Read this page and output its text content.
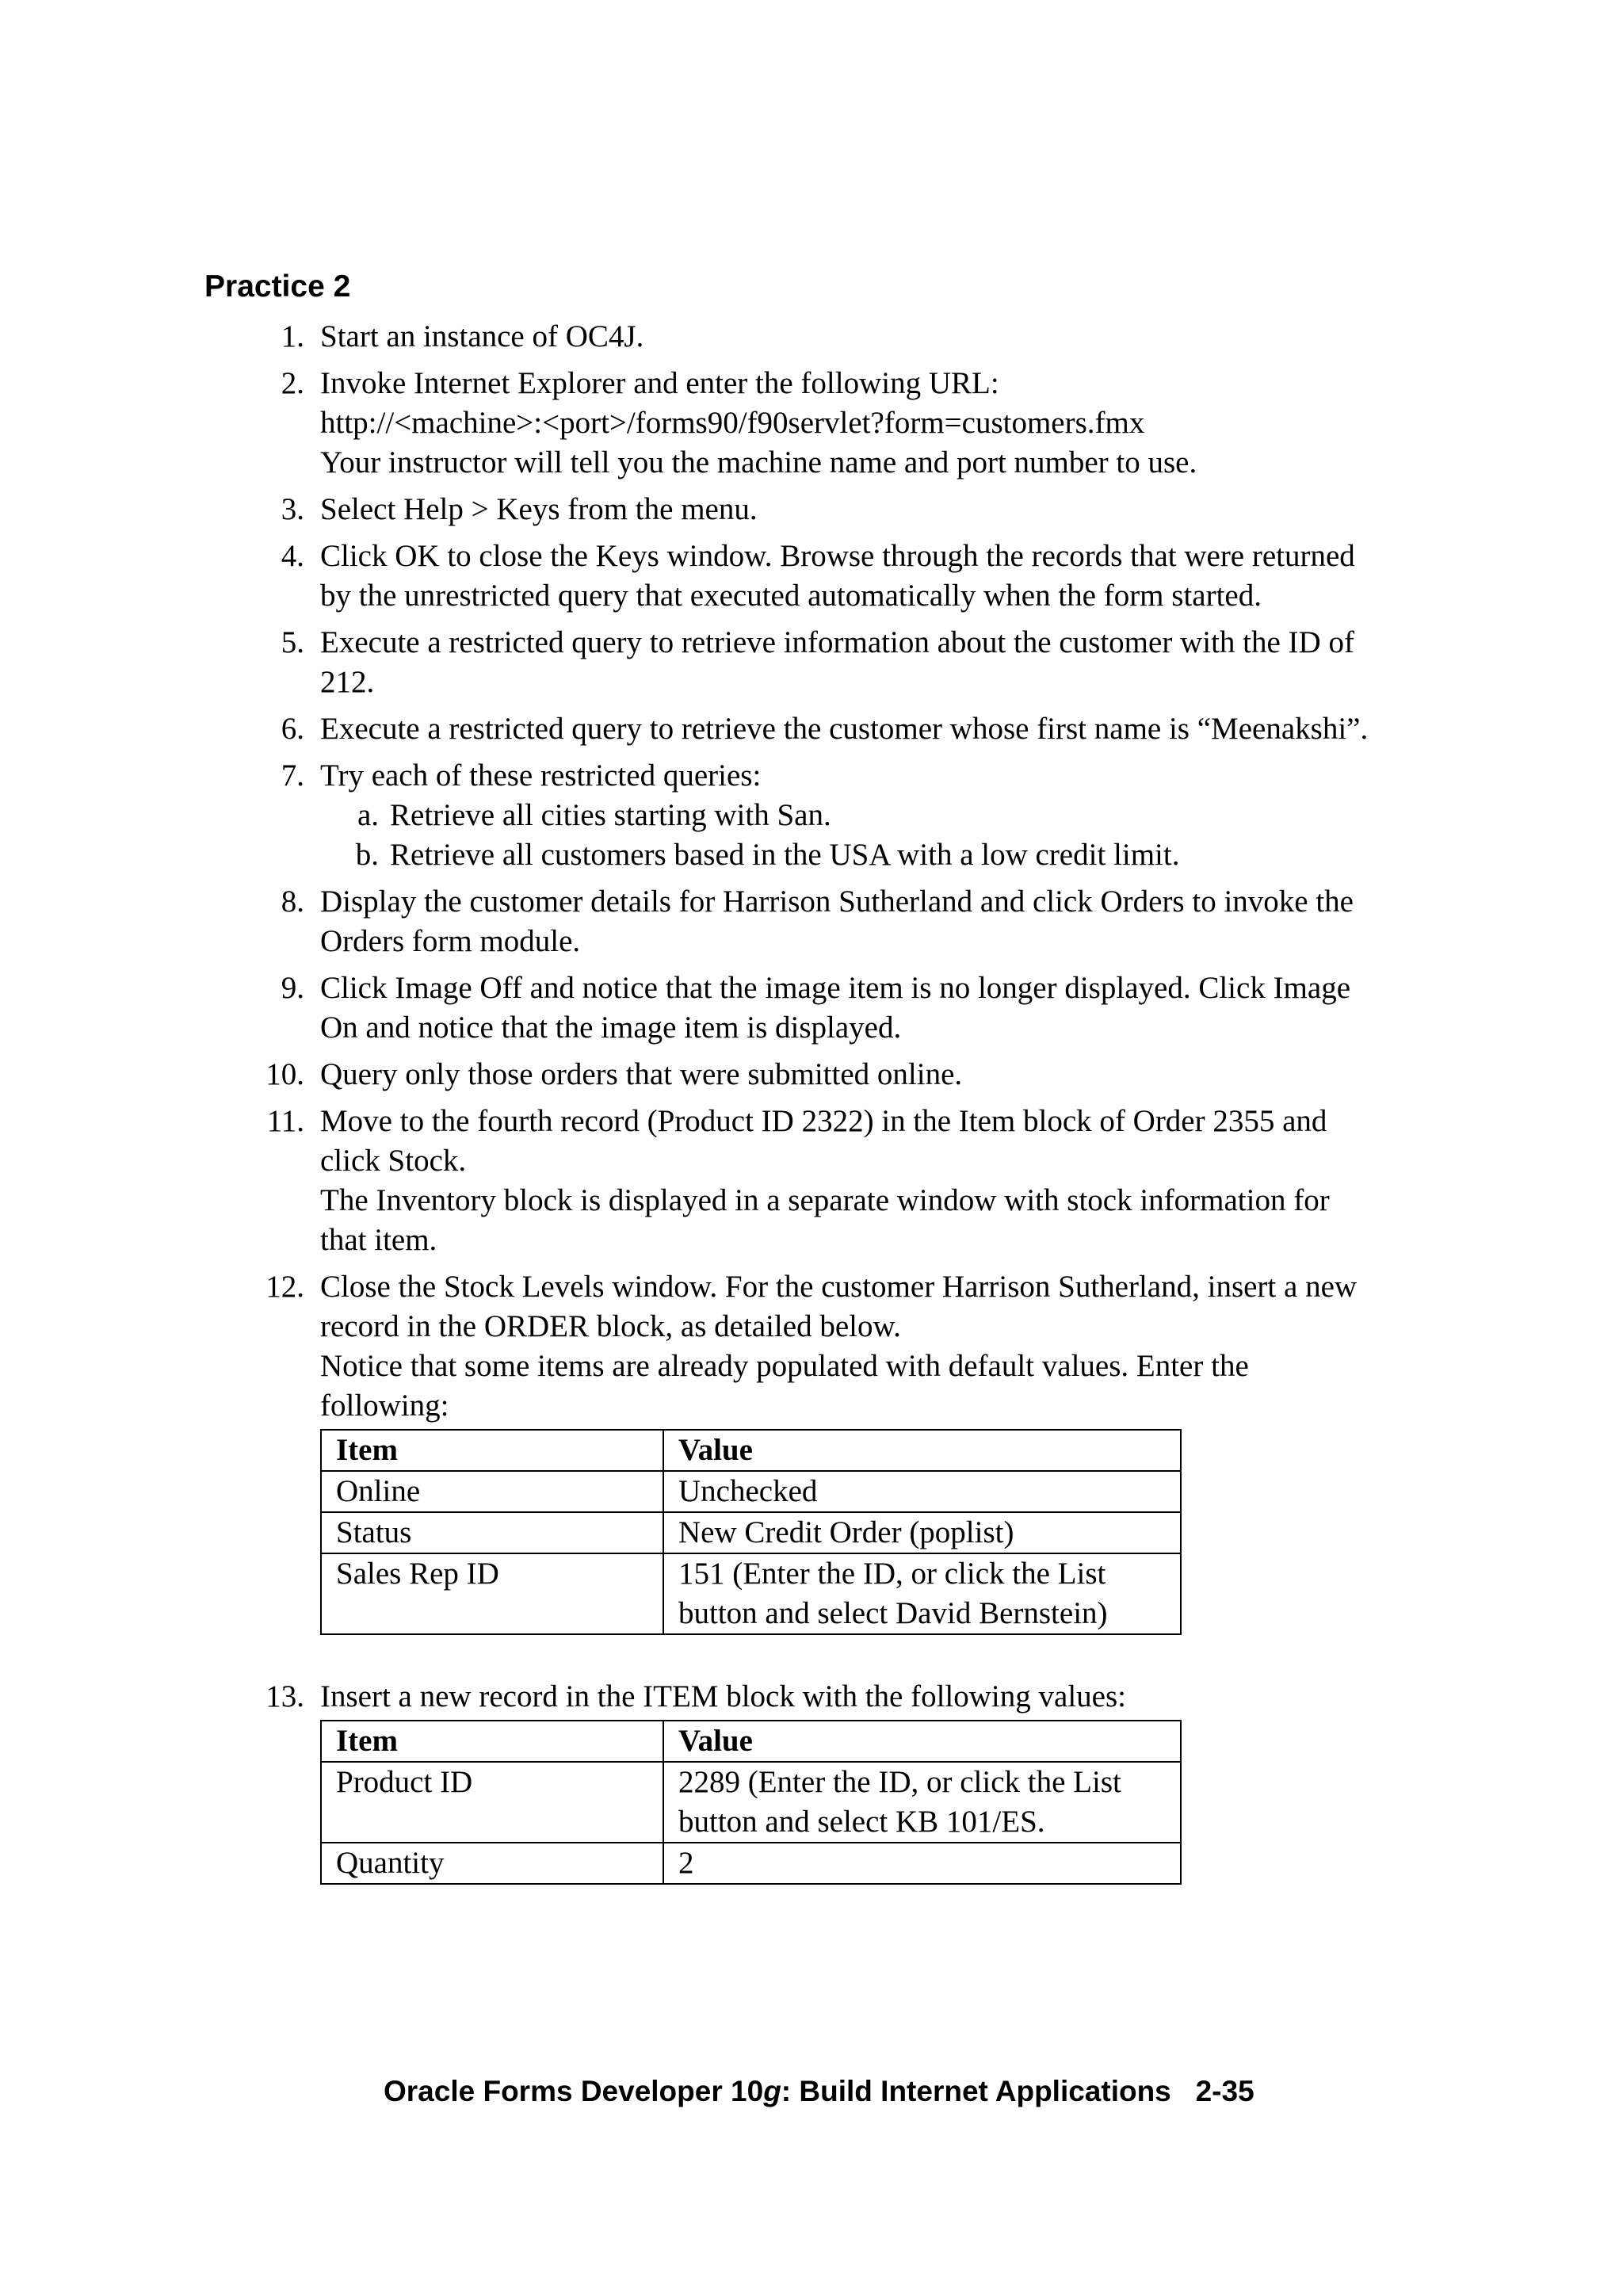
Practice 2
1. Start an instance of OC4J.
2. Invoke Internet Explorer and enter the following URL:
http://<machine>:<port>/forms90/f90servlet?form=customers.fmx
Your instructor will tell you the machine name and port number to use.
3. Select Help > Keys from the menu.
4. Click OK to close the Keys window. Browse through the records that were returned
by the unrestricted query that executed automatically when the form started.
5. Execute a restricted query to retrieve information about the customer with the ID of
212.
6. Execute a restricted query to retrieve the customer whose first name is “Meenakshi”.
7. Try each of these restricted queries:
a. Retrieve all cities starting with San.
b. Retrieve all customers based in the USA with a low credit limit.
8. Display the customer details for Harrison Sutherland and click Orders to invoke the
Orders form module.
9. Click Image Off and notice that the image item is no longer displayed. Click Image
On and notice that the image item is displayed.
10. Query only those orders that were submitted online.
11. Move to the fourth record (Product ID 2322) in the Item block of Order 2355 and
click Stock.
The Inventory block is displayed in a separate window with stock information for
that item.
12. Close the Stock Levels window. For the customer Harrison Sutherland, insert a new
record in the ORDER block, as detailed below.
Notice that some items are already populated with default values. Enter the
following:
Item	Value
Online	Unchecked
Status	New Credit Order (poplist)
Sales Rep ID	151 (Enter the ID, or click the List
button and select David Bernstein)
13. Insert a new record in the ITEM block with the following values:
Item	Value
Product ID	2289 (Enter the ID, or click the List
button and select KB 101/ES.

Quantity	2
Oracle Forms Developer 10g: Build Internet Applications 2-35
